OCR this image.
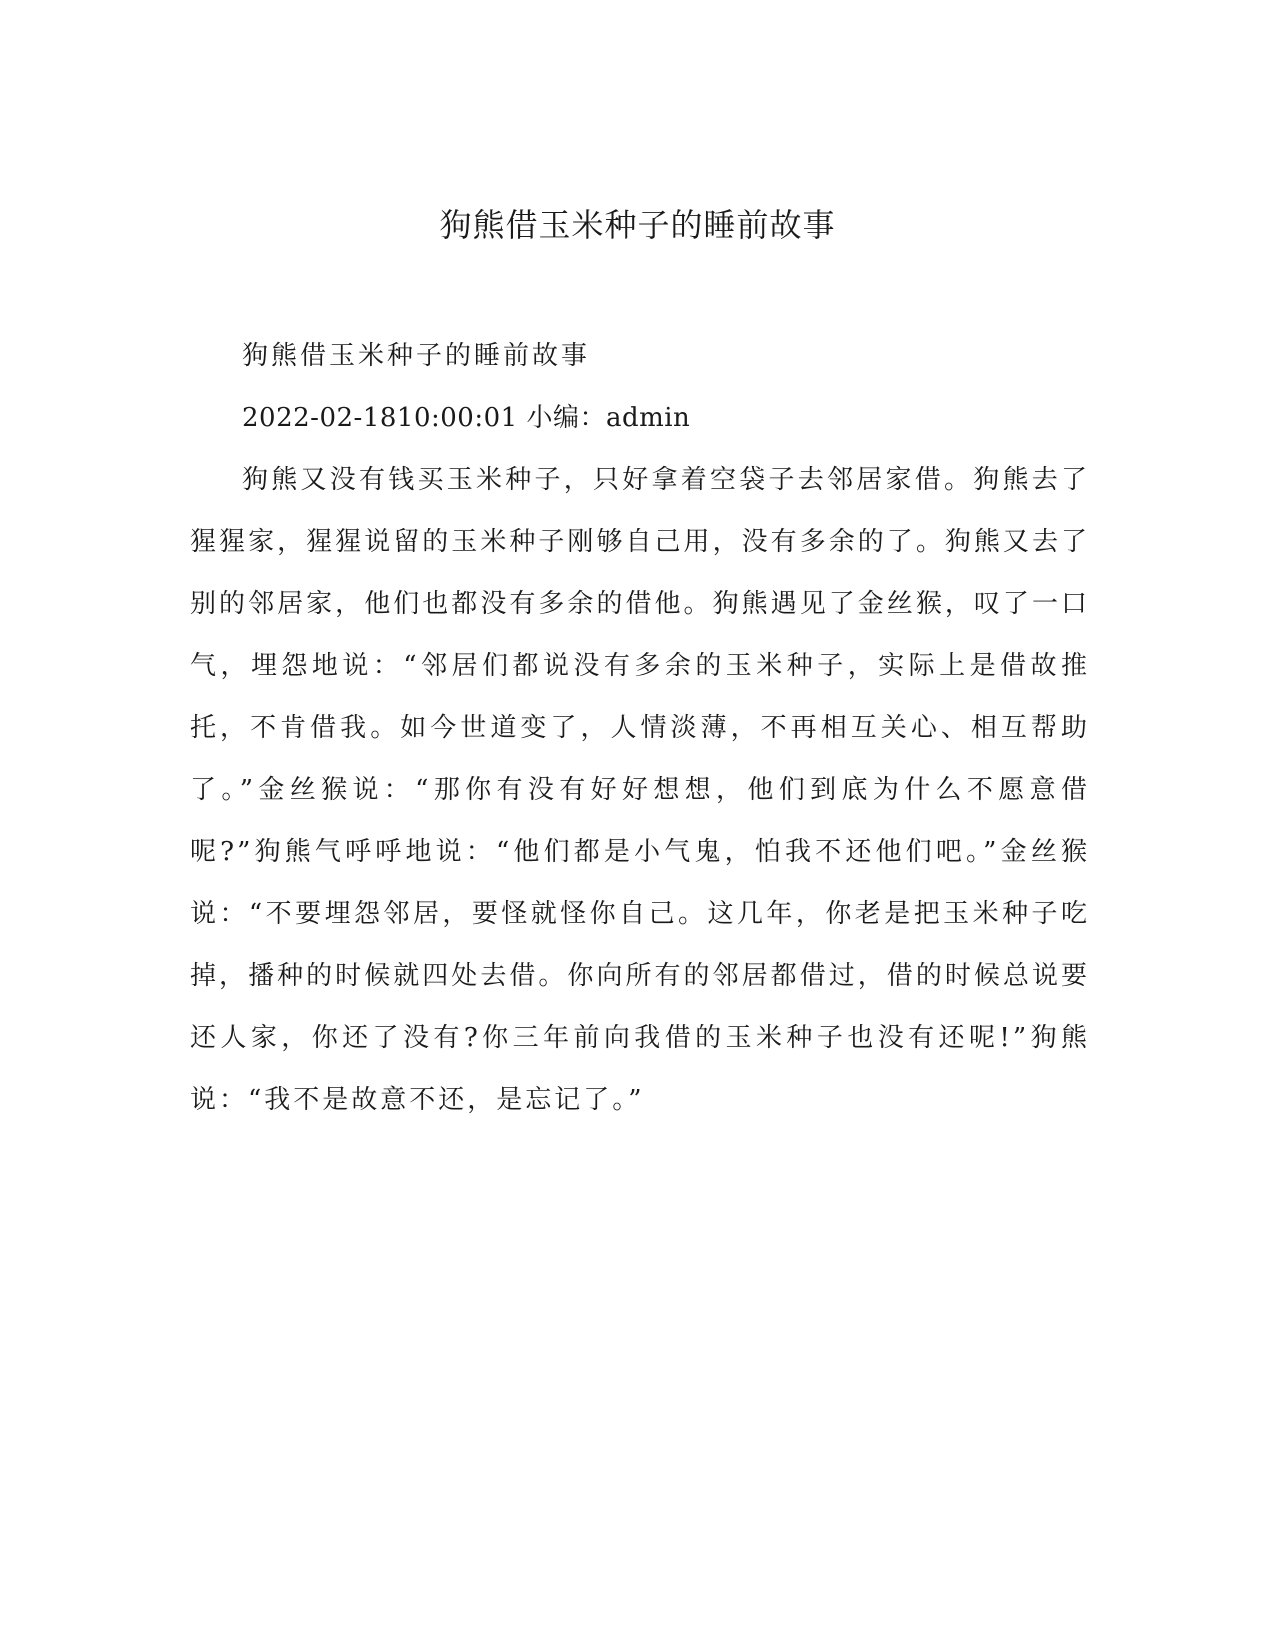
狗熊借玉米种子的睡前故事

狗熊借玉米种子的睡前故事

2022-02-1810:00:01 小编：admin

狗熊又没有钱买玉米种子，只好拿着空袋子去邻居家借。狗熊去了猩猩家，猩猩说留的玉米种子刚够自己用，没有多余的了。狗熊又去了别的邻居家，他们也都没有多余的借他。狗熊遇见了金丝猴，叹了一口气，埋怨地说：“邻居们都说没有多余的玉米种子，实际上是借故推托，不肯借我。如今世道变了，人情淡薄，不再相互关心、相互帮助了。”金丝猴说：“那你有没有好好想想，他们到底为什么不愿意借呢?”狗熊气呼呼地说：“他们都是小气鬼，怕我不还他们吧。”金丝猴说：“不要埋怨邻居，要怪就怪你自己。这几年，你老是把玉米种子吃掉，播种的时候就四处去借。你向所有的邻居都借过，借的时候总说要还人家，你还了没有?你三年前向我借的玉米种子也没有还呢!”狗熊说：“我不是故意不还，是忘记了。”
